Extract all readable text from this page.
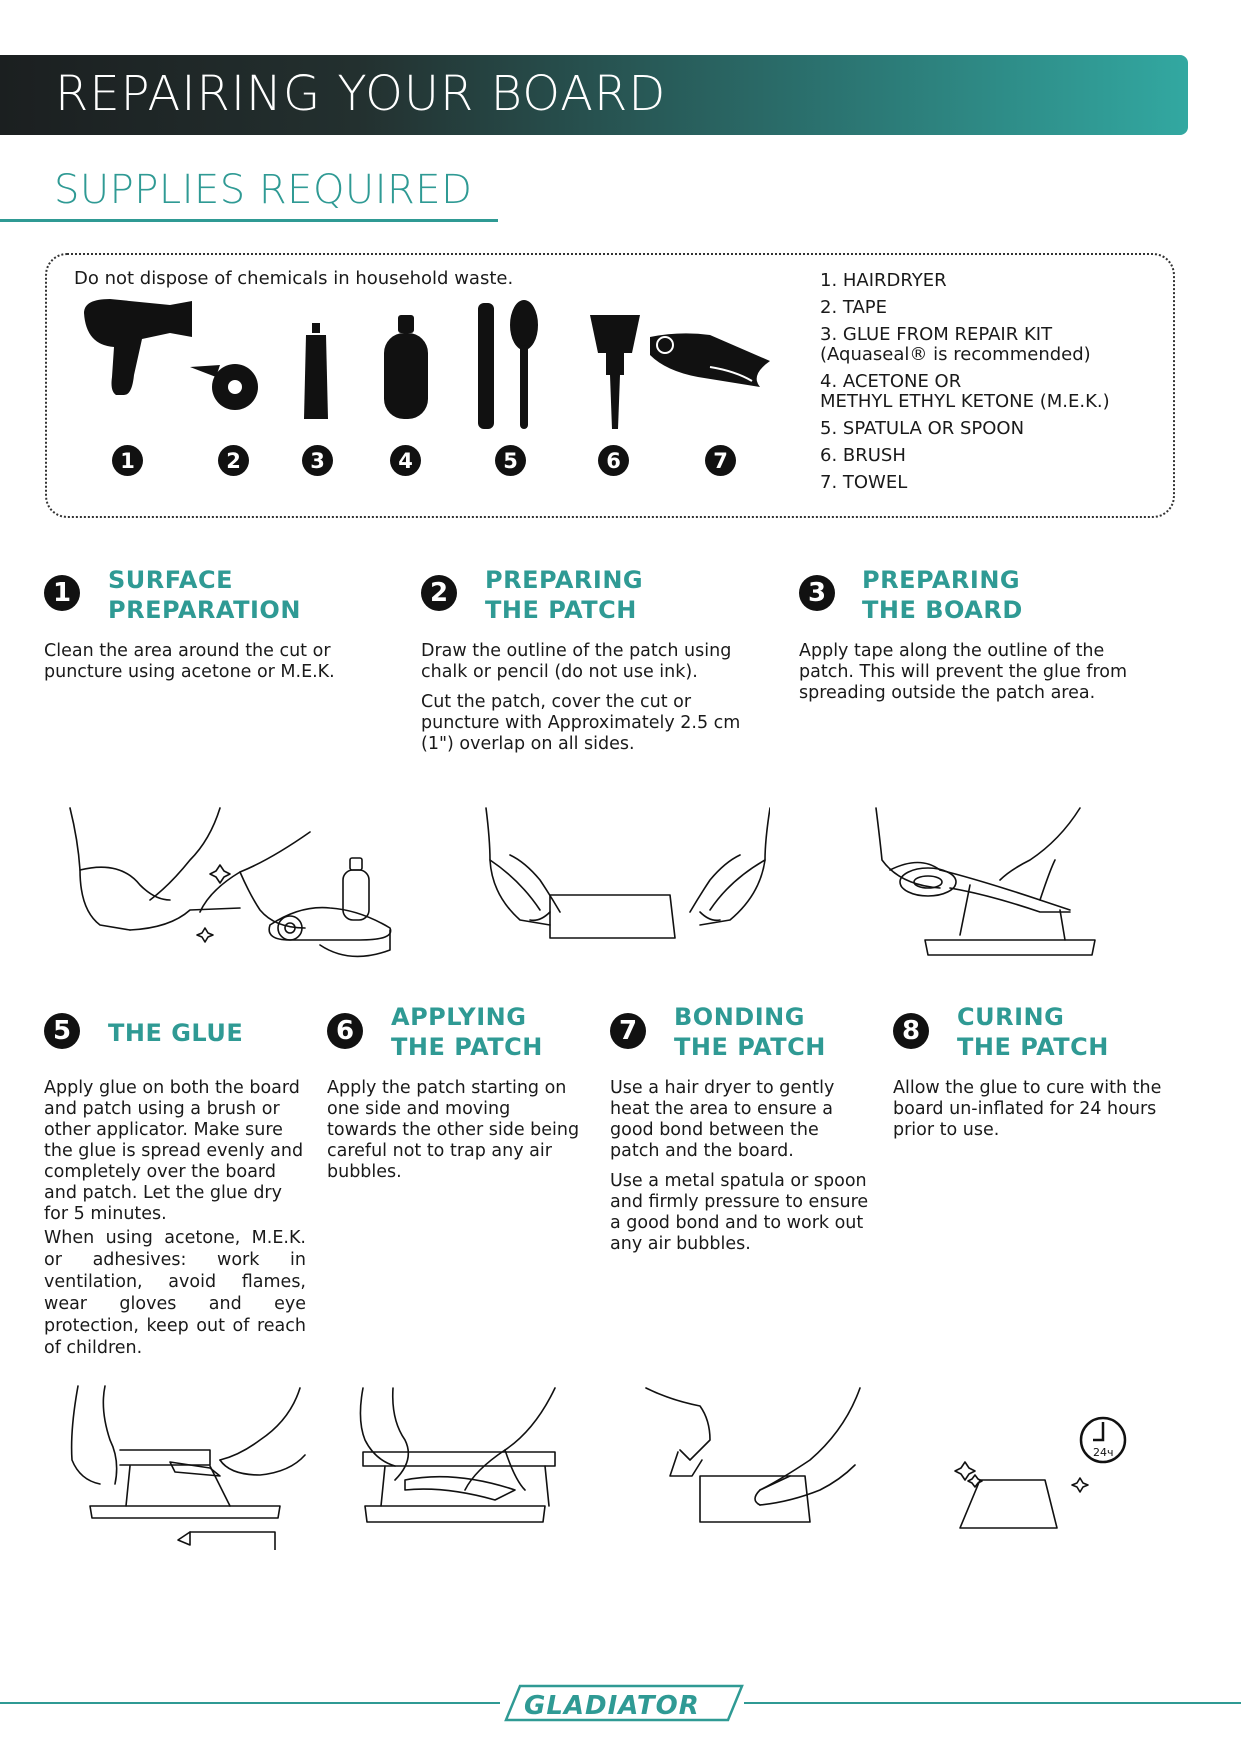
REPAIRING YOUR BOARD
SUPPLIES REQUIRED
Do not dispose of chemicals in household waste.
1	2	3	4	5	6	7
1. HAIRDRYER
2. TAPE
3. GLUE FROM REPAIR KIT
(Aquaseal® is recommended)
4. ACETONE OR
METHYL ETHYL KETONE (M.E.K.)
5. SPATULA OR SPOON
6. BRUSH
7. TOWEL
1	SURFACE
PREPARATION

Clean the area around the cut or puncture using acetone or M.E.K.

2	PREPARING
THE PATCH

Draw the outline of the patch using chalk or pencil (do not use ink).

Cut the patch, cover the cut or puncture with Approximately 2.5 cm (1") overlap on all sides.

3	PREPARING
THE BOARD

Apply tape along the outline of the patch. This will prevent the glue from spreading outside the patch area.

5	THE GLUE

Apply glue on both the board and patch using a brush or other applicator. Make sure the glue is spread evenly and completely over the board and patch. Let the glue dry for 5 minutes.

When using acetone, M.E.K. or adhesives: work in ventilation, avoid flames, wear gloves and eye protection, keep out of reach of children.

6	APPLYING
THE PATCH

Apply the patch starting on one side and moving towards the other side being careful not to trap any air bubbles.

7	BONDING
THE PATCH

Use a hair dryer to gently heat the area to ensure a good bond between the patch and the board.

Use a metal spatula or spoon and firmly pressure to ensure a good bond and to work out any air bubbles.

8	CURING
THE PATCH

Allow the glue to cure with the board un-inflated for 24 hours prior to use.

24ч
GLADIATOR
